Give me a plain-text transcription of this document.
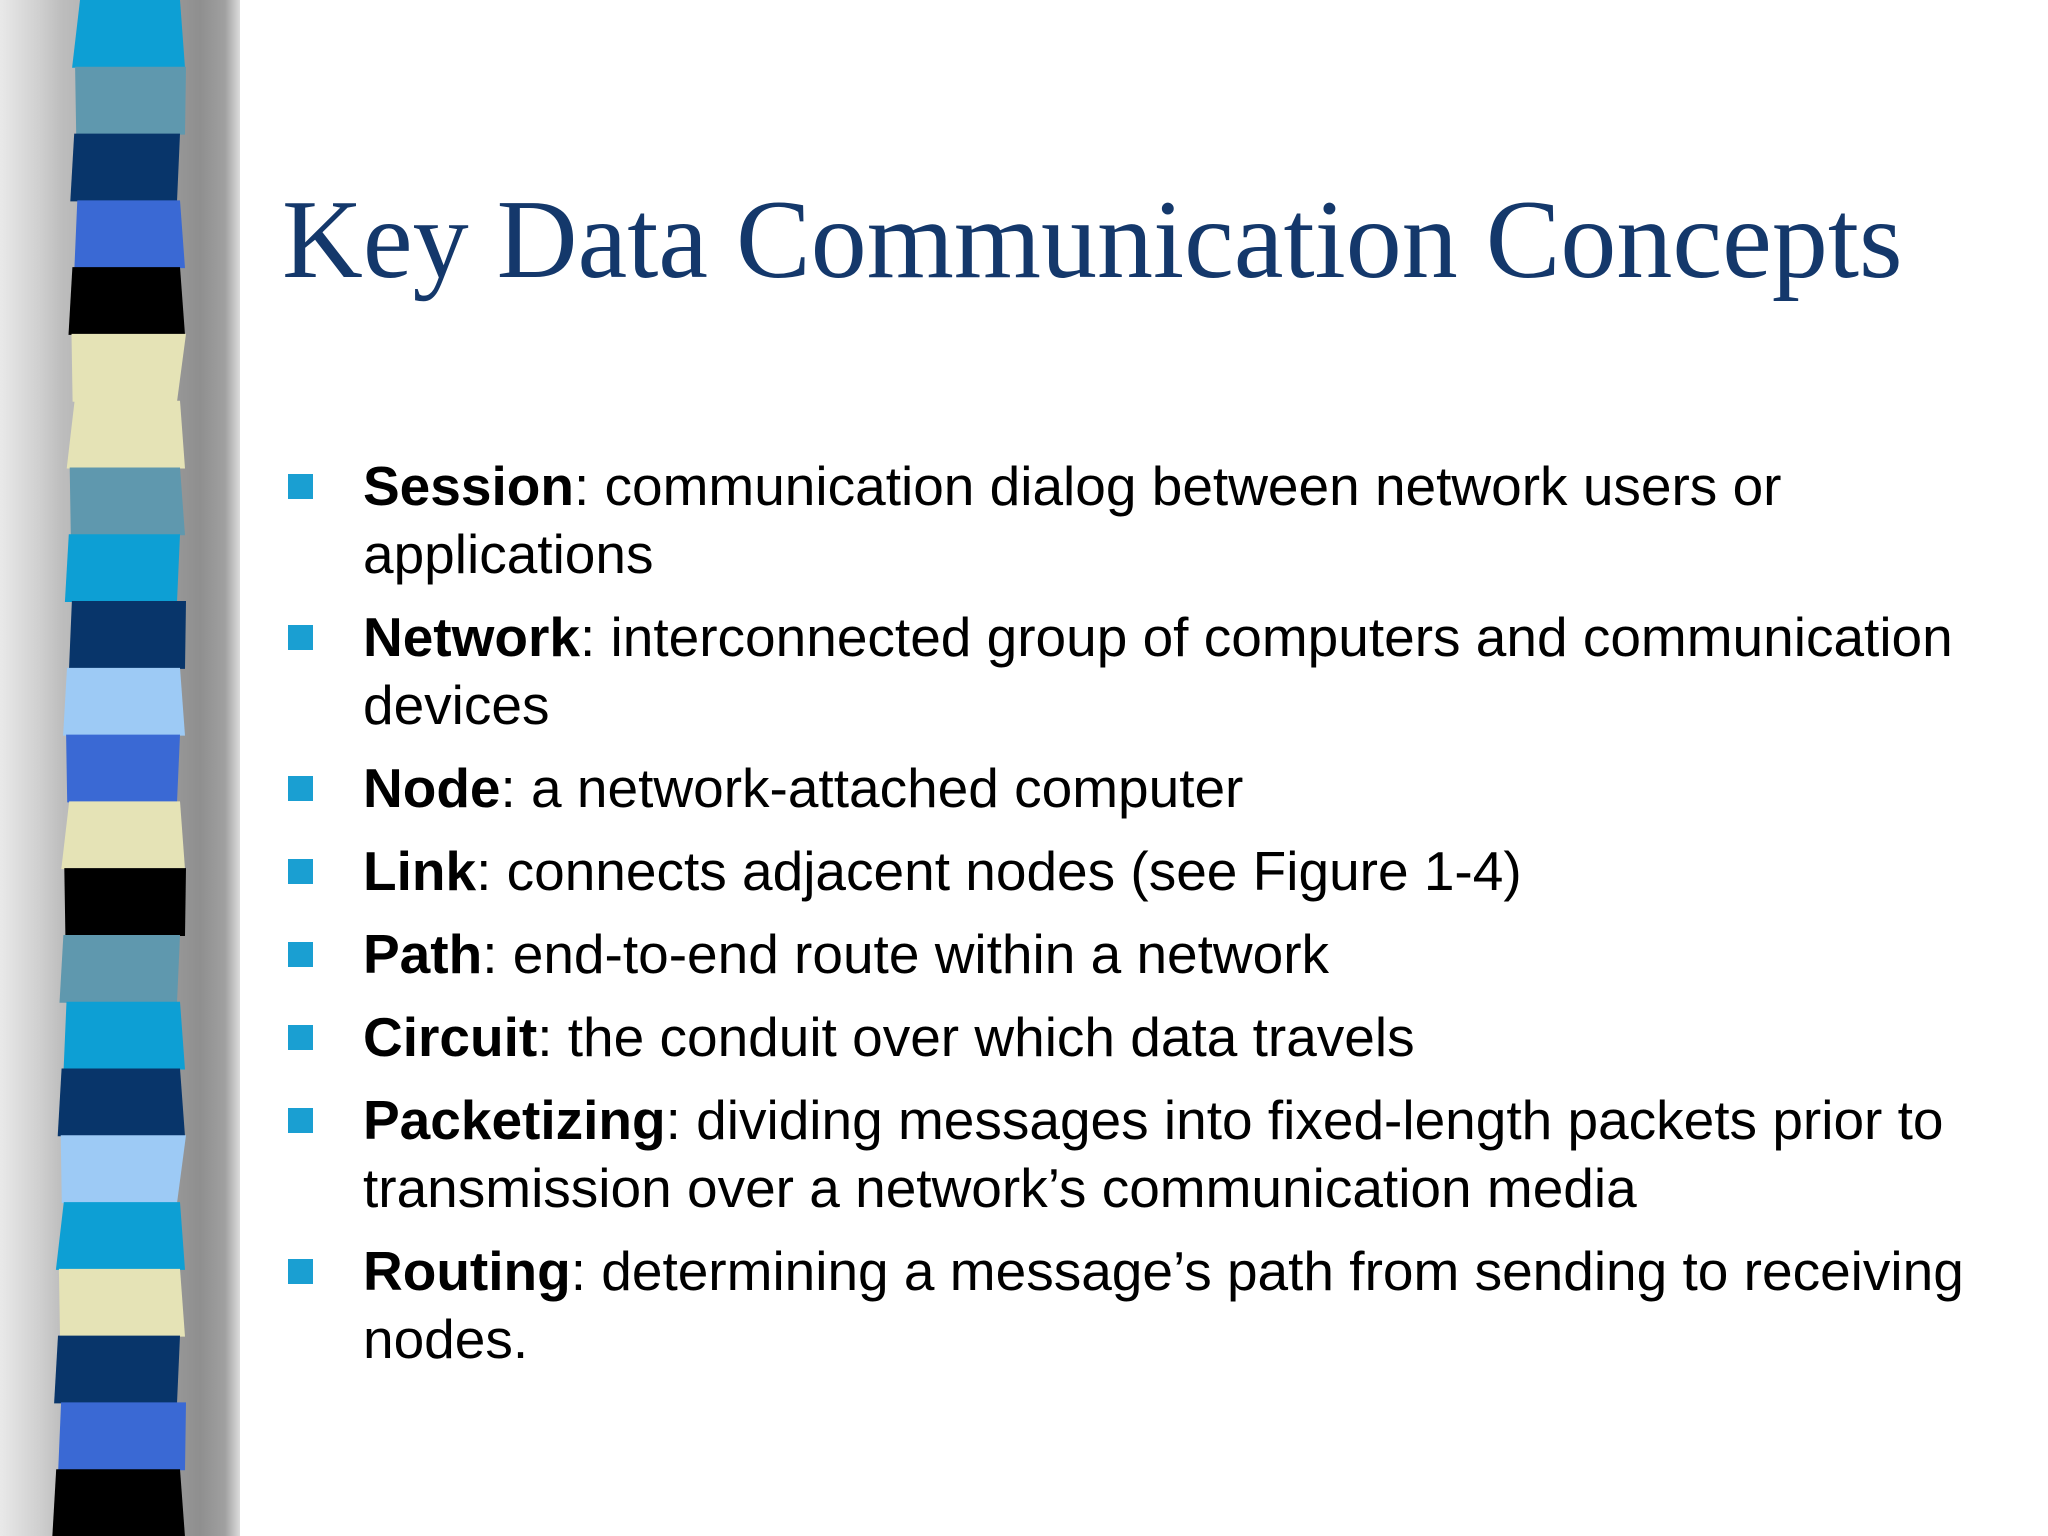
Key Data Communication Concepts
Session: communication dialog between network users or applications
Network: interconnected group of computers and communication devices
Node: a network-attached computer
Link: connects adjacent nodes (see Figure 1-4)
Path: end-to-end route within a network
Circuit: the conduit over which data travels
Packetizing: dividing messages into fixed-length packets prior to transmission over a network’s communication media
Routing: determining a message’s path from sending to receiving nodes.
